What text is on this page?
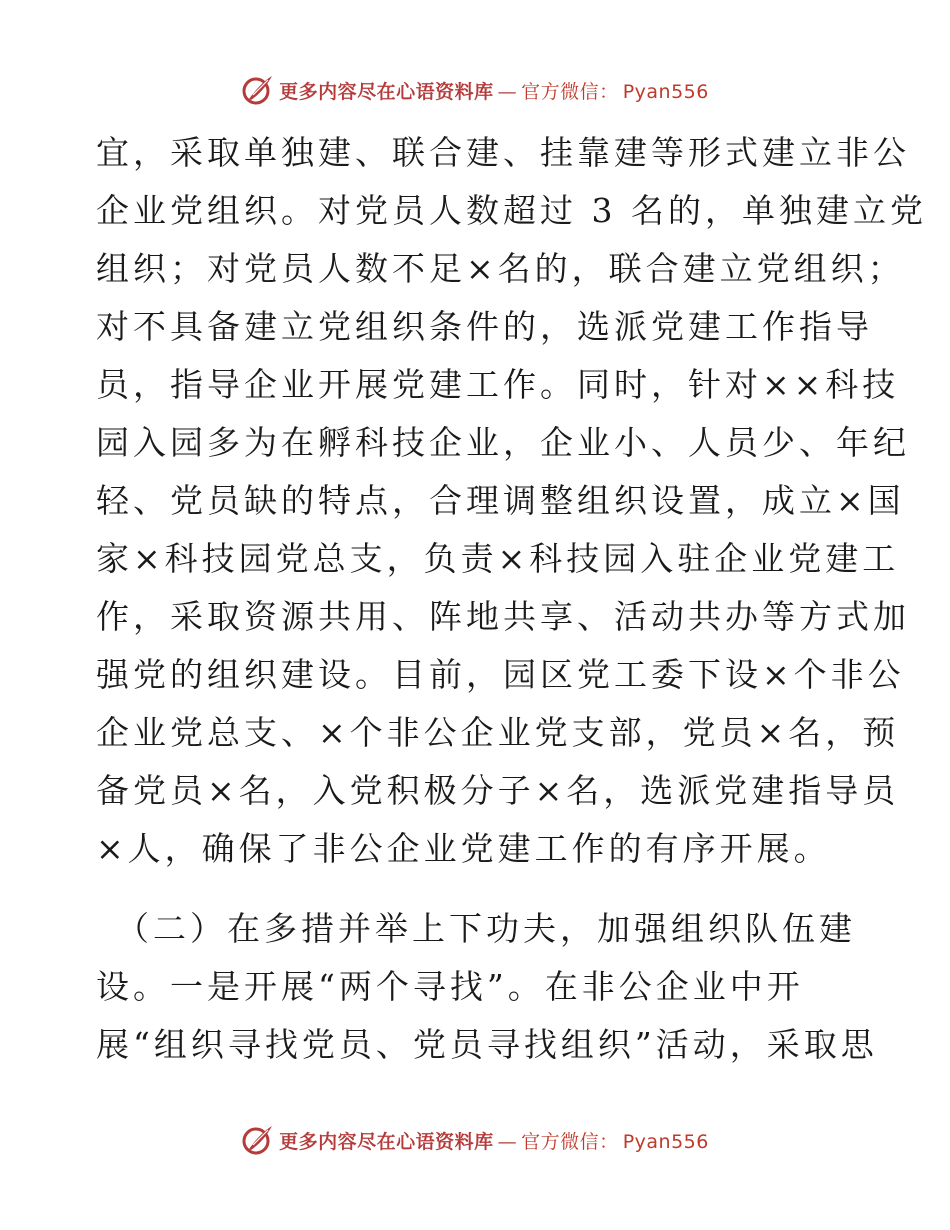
更多内容尽在心语资料库 — 官方微信： Pyan556
宜，采取单独建、联合建、挂靠建等形式建立非公
企业党组织。对党员人数超过 3 名的，单独建立党
组织；对党员人数不足×名的，联合建立党组织；
对不具备建立党组织条件的，选派党建工作指导
员，指导企业开展党建工作。同时，针对××科技
园入园多为在孵科技企业，企业小、人员少、年纪
轻、党员缺的特点，合理调整组织设置，成立×国
家×科技园党总支，负责×科技园入驻企业党建工
作，采取资源共用、阵地共享、活动共办等方式加
强党的组织建设。目前，园区党工委下设×个非公
企业党总支、×个非公企业党支部，党员×名，预
备党员×名，入党积极分子×名，选派党建指导员
×人，确保了非公企业党建工作的有序开展。
（二）在多措并举上下功夫，加强组织队伍建
设。一是开展“两个寻找”。在非公企业中开
展“组织寻找党员、党员寻找组织”活动，采取思
更多内容尽在心语资料库 — 官方微信： Pyan556
